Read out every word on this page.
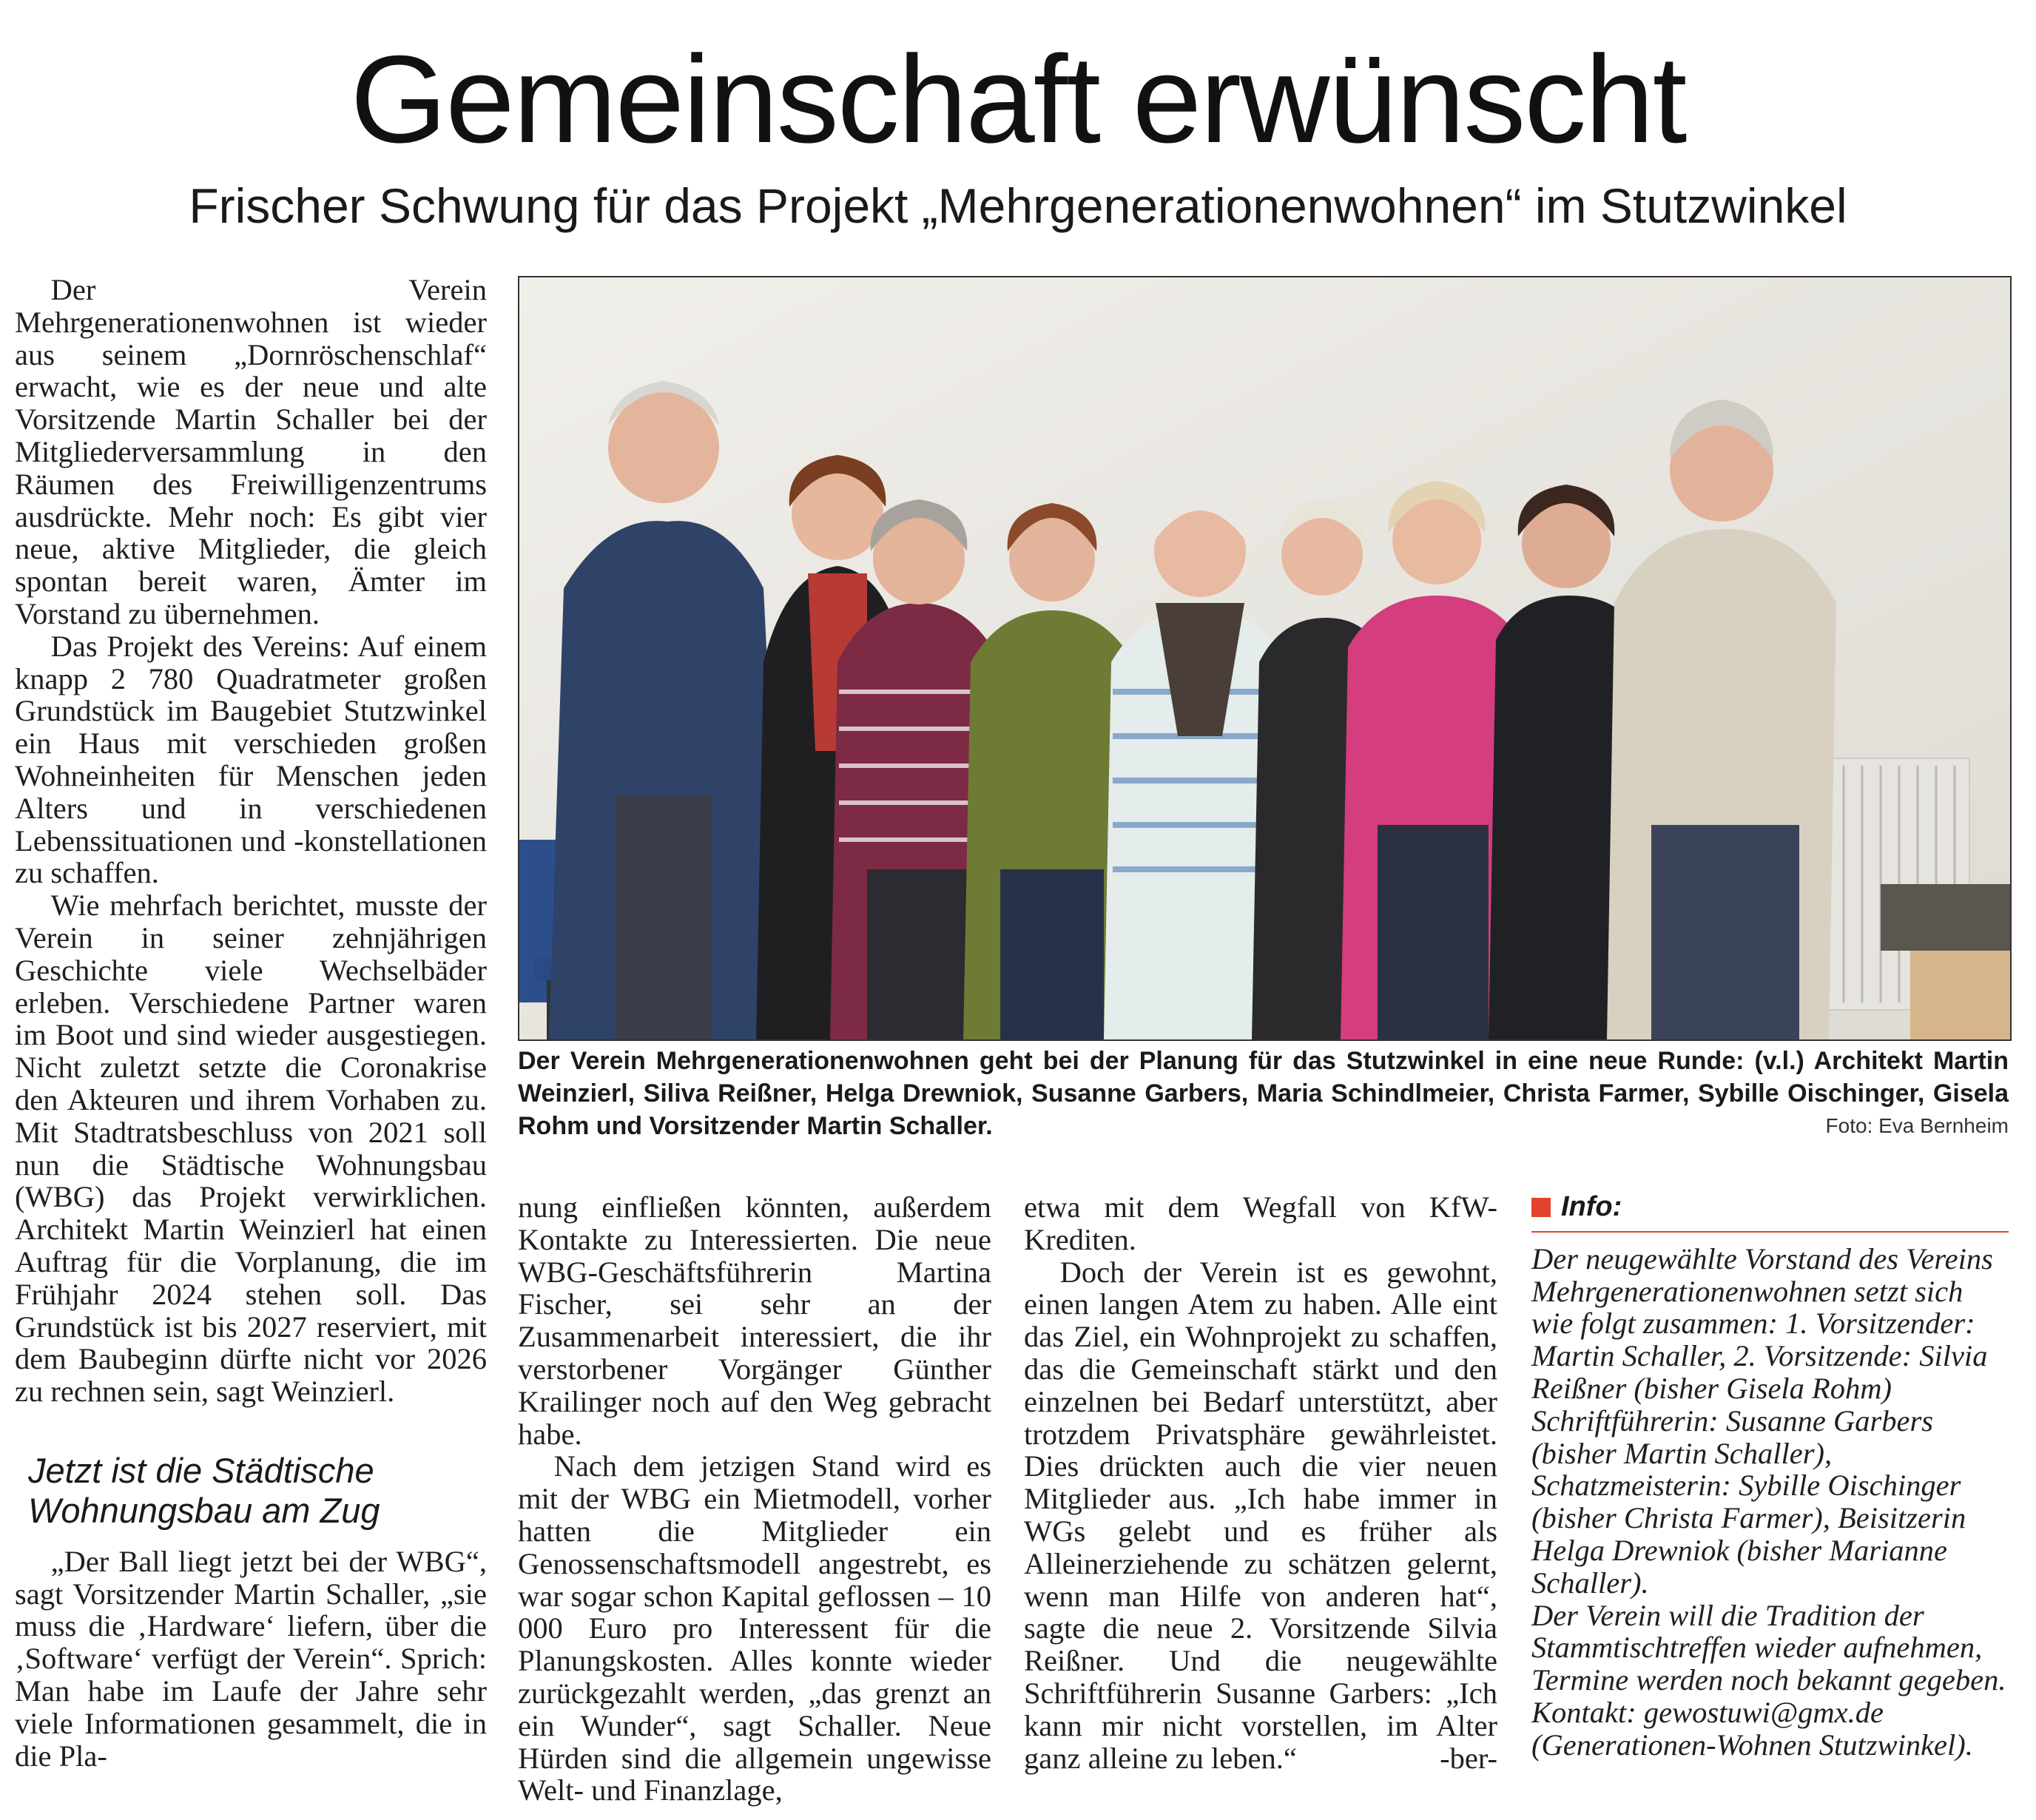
Gemeinschaft erwünscht
Frischer Schwung für das Projekt „Mehrgenerationenwohnen“ im Stutzwinkel

Der Verein Mehrgenerationenwohnen ist wieder aus seinem „Dornröschenschlaf“ erwacht, wie es der neue und alte Vorsitzende Martin Schaller bei der Mitgliederversammlung in den Räumen des Freiwilligenzentrums ausdrückte. Mehr noch: Es gibt vier neue, aktive Mitglieder, die gleich spontan bereit waren, Ämter im Vorstand zu übernehmen.

Das Projekt des Vereins: Auf einem knapp 2 780 Quadratmeter großen Grundstück im Baugebiet Stutzwinkel ein Haus mit verschieden großen Wohneinheiten für Menschen jeden Alters und in verschiedenen Lebenssituationen und -konstellationen zu schaffen.

Wie mehrfach berichtet, musste der Verein in seiner zehnjährigen Geschichte viele Wechselbäder erleben. Verschiedene Partner waren im Boot und sind wieder ausgestiegen. Nicht zuletzt setzte die Coronakrise den Akteuren und ihrem Vorhaben zu. Mit Stadtratsbeschluss von 2021 soll nun die Städtische Wohnungsbau (WBG) das Projekt verwirklichen. Architekt Martin Weinzierl hat einen Auftrag für die Vorplanung, die im Frühjahr 2024 stehen soll. Das Grundstück ist bis 2027 reserviert, mit dem Baubeginn dürfte nicht vor 2026 zu rechnen sein, sagt Weinzierl.

Jetzt ist die Städtische Wohnungsbau am Zug

„Der Ball liegt jetzt bei der WBG“, sagt Vorsitzender Martin Schaller, „sie muss die ‚Hardware‘ liefern, über die ‚Software‘ verfügt der Verein“. Sprich: Man habe im Laufe der Jahre sehr viele Informationen gesammelt, die in die Pla-

Der Verein Mehrgenerationenwohnen geht bei der Planung für das Stutzwinkel in eine neue Runde: (v.l.) Architekt Martin Weinzierl, Siliva Reißner, Helga Drewniok, Susanne Garbers, Maria Schindlmeier, Christa Farmer, Sybille Oischinger, Gisela Rohm und Vorsitzender Martin Schaller.	Foto: Eva Bernheim

nung einfließen könnten, außerdem Kontakte zu Interessierten. Die neue WBG-Geschäftsführerin Martina Fischer, sei sehr an der Zusammenarbeit interessiert, die ihr verstorbener Vorgänger Günther Krailinger noch auf den Weg gebracht habe.

Nach dem jetzigen Stand wird es mit der WBG ein Mietmodell, vorher hatten die Mitglieder ein Genossenschaftsmodell angestrebt, es war sogar schon Kapital geflossen – 10 000 Euro pro Interessent für die Planungskosten. Alles konnte wieder zurückgezahlt werden, „das grenzt an ein Wunder“, sagt Schaller. Neue Hürden sind die allgemein ungewisse Welt- und Finanzlage,

etwa mit dem Wegfall von KfW-Krediten.

Doch der Verein ist es gewohnt, einen langen Atem zu haben. Alle eint das Ziel, ein Wohnprojekt zu schaffen, das die Gemeinschaft stärkt und den einzelnen bei Bedarf unterstützt, aber trotzdem Privatsphäre gewährleistet. Dies drückten auch die vier neuen Mitglieder aus. „Ich habe immer in WGs gelebt und es früher als Alleinerziehende zu schätzen gelernt, wenn man Hilfe von anderen hat“, sagte die neue 2. Vorsitzende Silvia Reißner. Und die neugewählte Schriftführerin Susanne Garbers: „Ich kann mir nicht vorstellen, im Alter ganz alleine zu leben.“	-ber-

Info:

Der neugewählte Vorstand des Vereins Mehrgenerationenwohnen setzt sich wie folgt zusammen: 1. Vorsitzender: Martin Schaller, 2. Vorsitzende: Silvia Reißner (bisher Gisela Rohm) Schriftführerin: Susanne Garbers (bisher Martin Schaller), Schatzmeisterin: Sybille Oischinger (bisher Christa Farmer), Beisitzerin Helga Drewniok (bisher Marianne Schaller).

Der Verein will die Tradition der Stammtischtreffen wieder aufnehmen, Termine werden noch bekannt gegeben. Kontakt: gewostuwi@gmx.de (Generationen-Wohnen Stutzwinkel).
